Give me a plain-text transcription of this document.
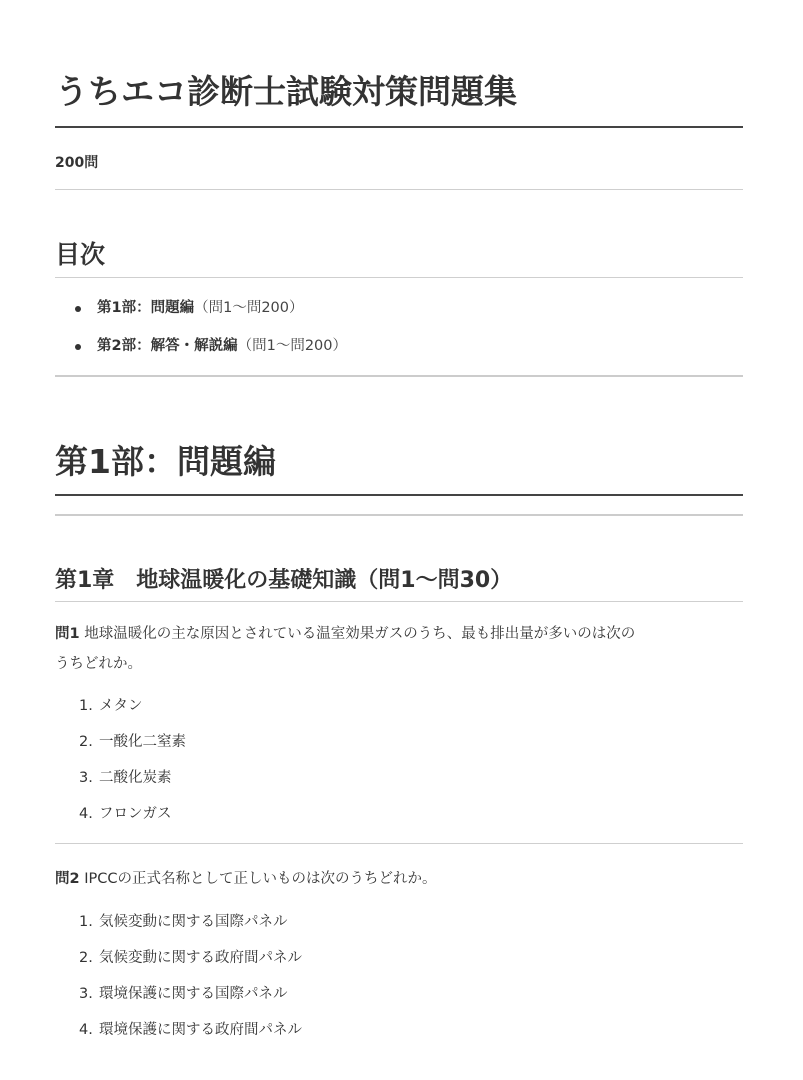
うちエコ診断士試験対策問題集
200問
目次
第1部：問題編（問1〜問200）
第2部：解答・解説編（問1〜問200）
第1部：問題編
第1章　地球温暖化の基礎知識（問1〜問30）
問1 地球温暖化の主な原因とされている温室効果ガスのうち、最も排出量が多いのは次の
うちどれか。
1. メタン
2. 一酸化二窒素
3. 二酸化炭素
4. フロンガス
問2 IPCCの正式名称として正しいものは次のうちどれか。
1. 気候変動に関する国際パネル
2. 気候変動に関する政府間パネル
3. 環境保護に関する国際パネル
4. 環境保護に関する政府間パネル
